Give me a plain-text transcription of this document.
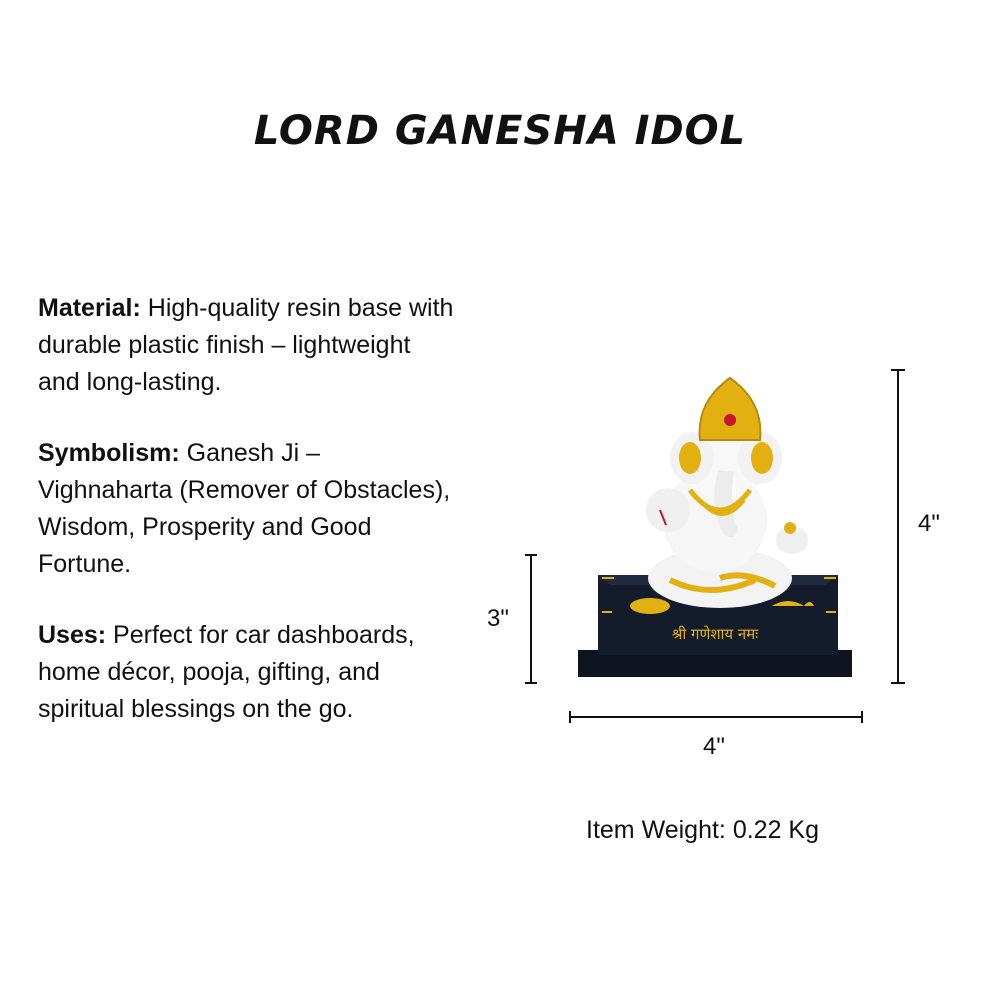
LORD GANESHA IDOL

Material: High-quality resin base with durable plastic finish – lightweight and long-lasting.

Symbolism: Ganesh Ji – Vighnaharta (Remover of Obstacles), Wisdom, Prosperity and Good Fortune.

Uses: Perfect for car dashboards, home décor, pooja, gifting, and spiritual blessings on the go.

श्री गणेशाय नमः
4"
3"
4"
Item Weight: 0.22 Kg
